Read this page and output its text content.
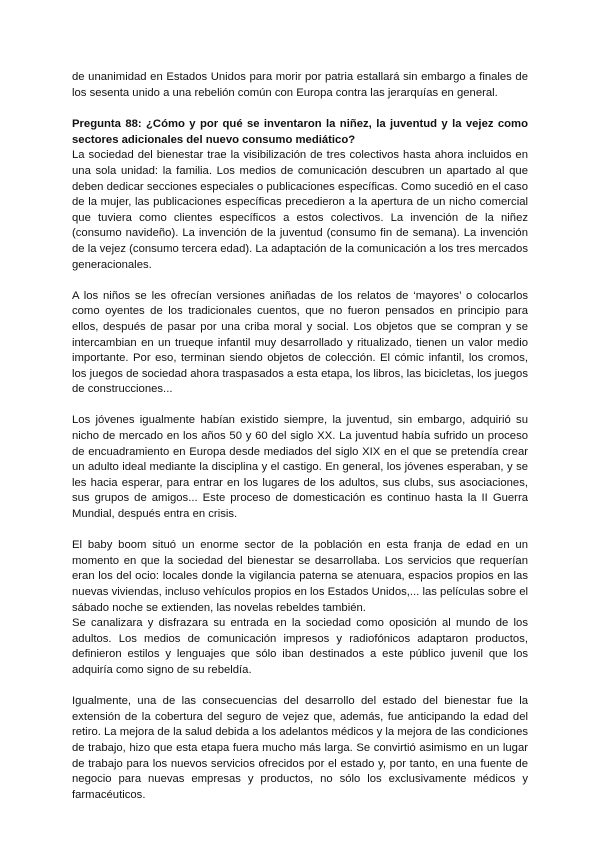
de unanimidad en Estados Unidos para morir por patria estallará sin embargo a finales de los sesenta unido a una rebelión común con Europa contra las jerarquías en general.

Pregunta 88: ¿Cómo y por qué se inventaron la niñez, la juventud y la vejez como sectores adicionales del nuevo consumo mediático?

La sociedad del bienestar trae la visibilización de tres colectivos hasta ahora incluidos en una sola unidad: la familia. Los medios de comunicación descubren un apartado al que deben dedicar secciones especiales o publicaciones específicas. Como sucedió en el caso de la mujer, las publicaciones específicas precedieron a la apertura de un nicho comercial que tuviera como clientes específicos a estos colectivos. La invención de la niñez (consumo navideño). La invención de la juventud (consumo fin de semana). La invención de la vejez (consumo tercera edad). La adaptación de la comunicación a los tres mercados generacionales.

A los niños se les ofrecían versiones aniñadas de los relatos de ‘mayores’ o colocarlos como oyentes de los tradicionales cuentos, que no fueron pensados en principio para ellos, después de pasar por una criba moral y social. Los objetos que se compran y se intercambian en un trueque infantil muy desarrollado y ritualizado, tienen un valor medio importante. Por eso, terminan siendo objetos de colección. El cómic infantil, los cromos, los juegos de sociedad ahora traspasados a esta etapa, los libros, las bicicletas, los juegos de construcciones...

Los jóvenes igualmente habían existido siempre, la juventud, sin embargo, adquirió su nicho de mercado en los años 50 y 60 del siglo XX. La juventud había sufrido un proceso de encuadramiento en Europa desde mediados del siglo XIX en el que se pretendía crear un adulto ideal mediante la disciplina y el castigo. En general, los jóvenes esperaban, y se les hacia esperar, para entrar en los lugares de los adultos, sus clubs, sus asociaciones, sus grupos de amigos... Este proceso de domesticación es continuo hasta la II Guerra Mundial, después entra en crisis.

El baby boom situó un enorme sector de la población en esta franja de edad en un momento en que la sociedad del bienestar se desarrollaba. Los servicios que requerían eran los del ocio: locales donde la vigilancia paterna se atenuara, espacios propios en las nuevas viviendas, incluso vehículos propios en los Estados Unidos,... las películas sobre el sábado noche se extienden, las novelas rebeldes también.

Se canalizara y disfrazara su entrada en la sociedad como oposición al mundo de los adultos. Los medios de comunicación impresos y radiofónicos adaptaron productos, definieron estilos y lenguajes que sólo iban destinados a este público juvenil que los adquiría como signo de su rebeldía.

Igualmente, una de las consecuencias del desarrollo del estado del bienestar fue la extensión de la cobertura del seguro de vejez que, además, fue anticipando la edad del retiro. La mejora de la salud debida a los adelantos médicos y la mejora de las condiciones de trabajo, hizo que esta etapa fuera mucho más larga. Se convirtió asimismo en un lugar de trabajo para los nuevos servicios ofrecidos por el estado y, por tanto, en una fuente de negocio para nuevas empresas y productos, no sólo los exclusivamente médicos y farmacéuticos.
